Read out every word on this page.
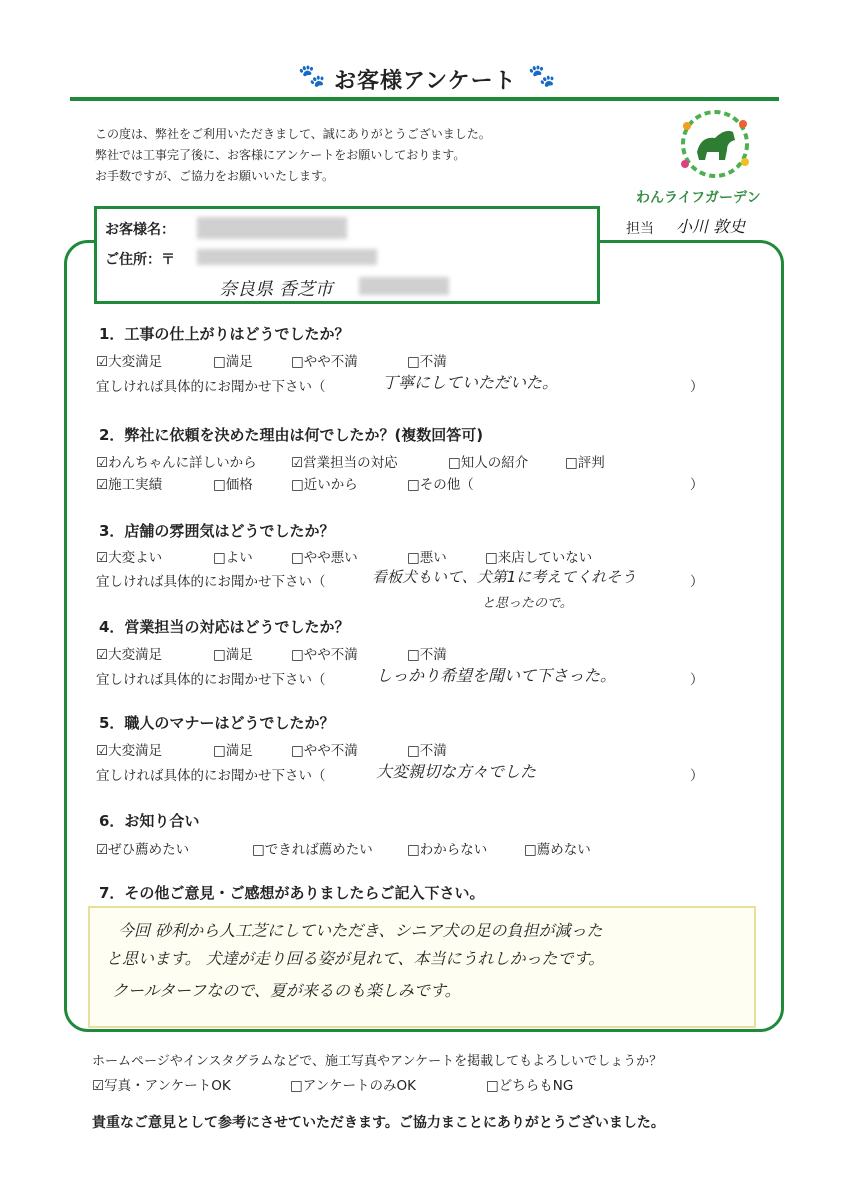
🐾 お客様アンケート 🐾
この度は、弊社をご利用いただきまして、誠にありがとうございました。
弊社では工事完了後に、お客様にアンケートをお願いしております。
お手数ですが、ご協力をお願いいたします。
わんライフガーデン
担当 小川 敦史
お客様名：
ご住所：〒
奈良県 香芝市
1．工事の仕上がりはどうでしたか？
☑大変満足	□満足	□やや不満	□不満
宜しければ具体的にお聞かせ下さい（	丁寧にしていただいた。	）
2．弊社に依頼を決めた理由は何でしたか？(複数回答可)
☑わんちゃんに詳しいから	☑営業担当の対応	□知人の紹介	□評判
☑施工実績	□価格	□近いから	□その他（	）
3．店舗の雰囲気はどうでしたか？
☑大変よい	□よい	□やや悪い	□悪い	□来店していない
宜しければ具体的にお聞かせ下さい（	看板犬もいて、犬第1に考えてくれそう
と思ったので。
）
4．営業担当の対応はどうでしたか？
☑大変満足	□満足	□やや不満	□不満
宜しければ具体的にお聞かせ下さい（	しっかり希望を聞いて下さった。	）
5．職人のマナーはどうでしたか？
☑大変満足	□満足	□やや不満	□不満
宜しければ具体的にお聞かせ下さい（	大変親切な方々でした	）
6．お知り合い
☑ぜひ薦めたい	□できれば薦めたい	□わからない	□薦めない
7．その他ご意見・ご感想がありましたらご記入下さい。
今回 砂利から人工芝にしていただき、シニア犬の足の負担が減った
と思います。 犬達が走り回る姿が見れて、本当にうれしかったです。
クールターフなので、夏が来るのも楽しみです。
ホームページやインスタグラムなどで、施工写真やアンケートを掲載してもよろしいでしょうか？
☑写真・アンケートOK	□アンケートのみOK	□どちらもNG
貴重なご意見として参考にさせていただきます。ご協力まことにありがとうございました。
